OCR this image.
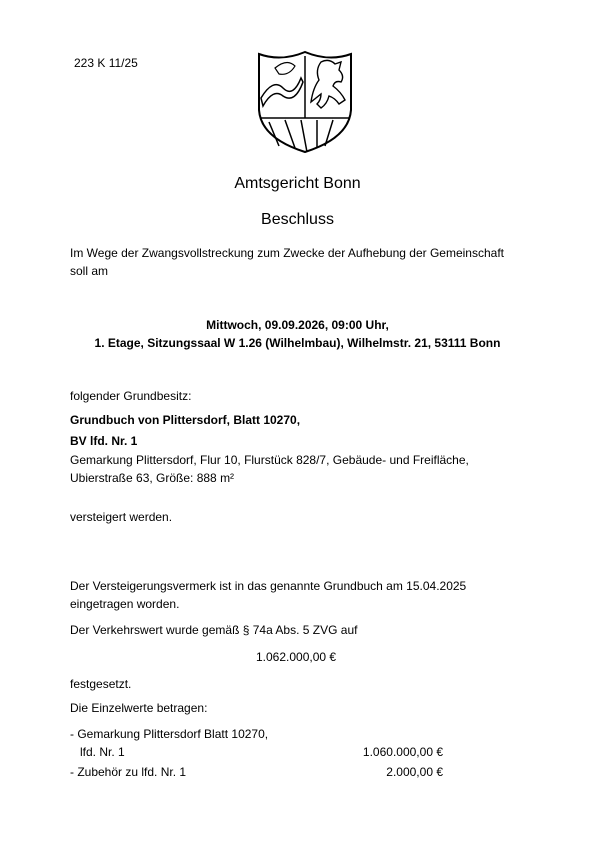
223 K 11/25
Amtsgericht Bonn
Beschluss
Im Wege der Zwangsvollstreckung zum Zwecke der Aufhebung der Gemeinschaft
soll am
Mittwoch, 09.09.2026, 09:00 Uhr,
1. Etage, Sitzungssaal W 1.26 (Wilhelmbau), Wilhelmstr. 21, 53111 Bonn
folgender Grundbesitz:
Grundbuch von Plittersdorf, Blatt 10270,
BV lfd. Nr. 1
Gemarkung Plittersdorf, Flur 10, Flurstück 828/7, Gebäude- und Freifläche,
Ubierstraße 63, Größe: 888 m²
versteigert werden.
Der Versteigerungsvermerk ist in das genannte Grundbuch am 15.04.2025
eingetragen worden.
Der Verkehrswert wurde gemäß § 74a Abs. 5 ZVG auf
1.062.000,00 €
festgesetzt.
Die Einzelwerte betragen:
- Gemarkung Plittersdorf Blatt 10270,
lfd. Nr. 1	1.060.000,00 €
- Zubehör zu lfd. Nr. 1	2.000,00 €
